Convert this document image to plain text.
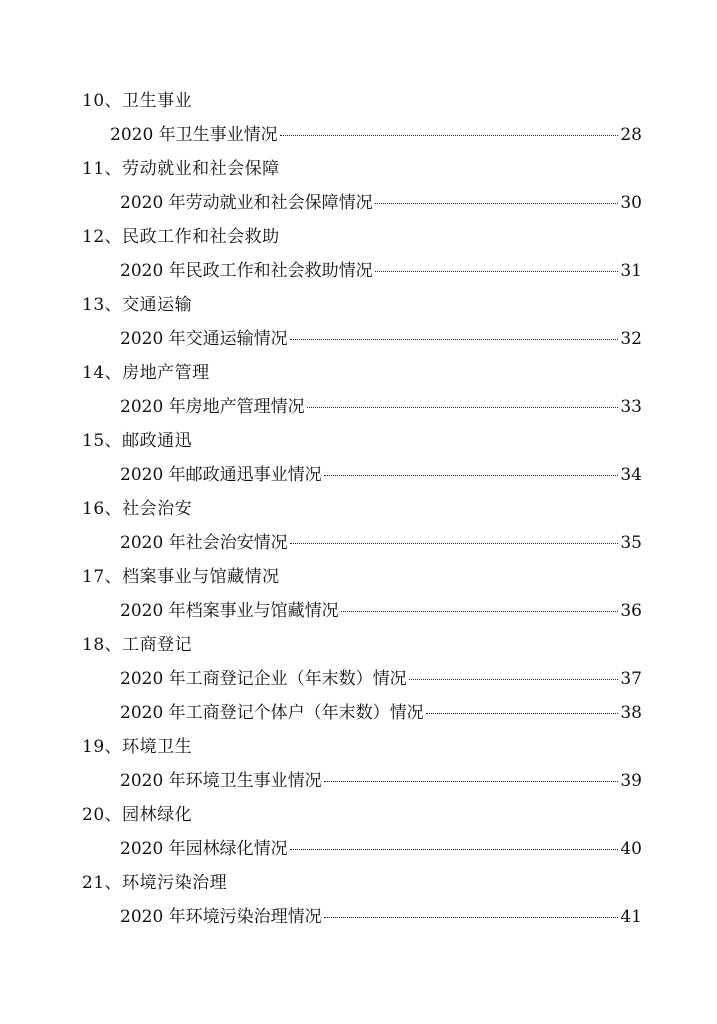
10、卫生事业
2020 年卫生事业情况	28
11、劳动就业和社会保障
2020 年劳动就业和社会保障情况	30
12、民政工作和社会救助
2020 年民政工作和社会救助情况	31
13、交通运输
2020 年交通运输情况	32
14、房地产管理
2020 年房地产管理情况	33
15、邮政通迅
2020 年邮政通迅事业情况	34
16、社会治安
2020 年社会治安情况	35
17、档案事业与馆藏情况
2020 年档案事业与馆藏情况	36
18、工商登记
2020 年工商登记企业（年末数）情况	37
2020 年工商登记个体户（年末数）情况	38
19、环境卫生
2020 年环境卫生事业情况	39
20、园林绿化
2020 年园林绿化情况	40
21、环境污染治理
2020 年环境污染治理情况	41
